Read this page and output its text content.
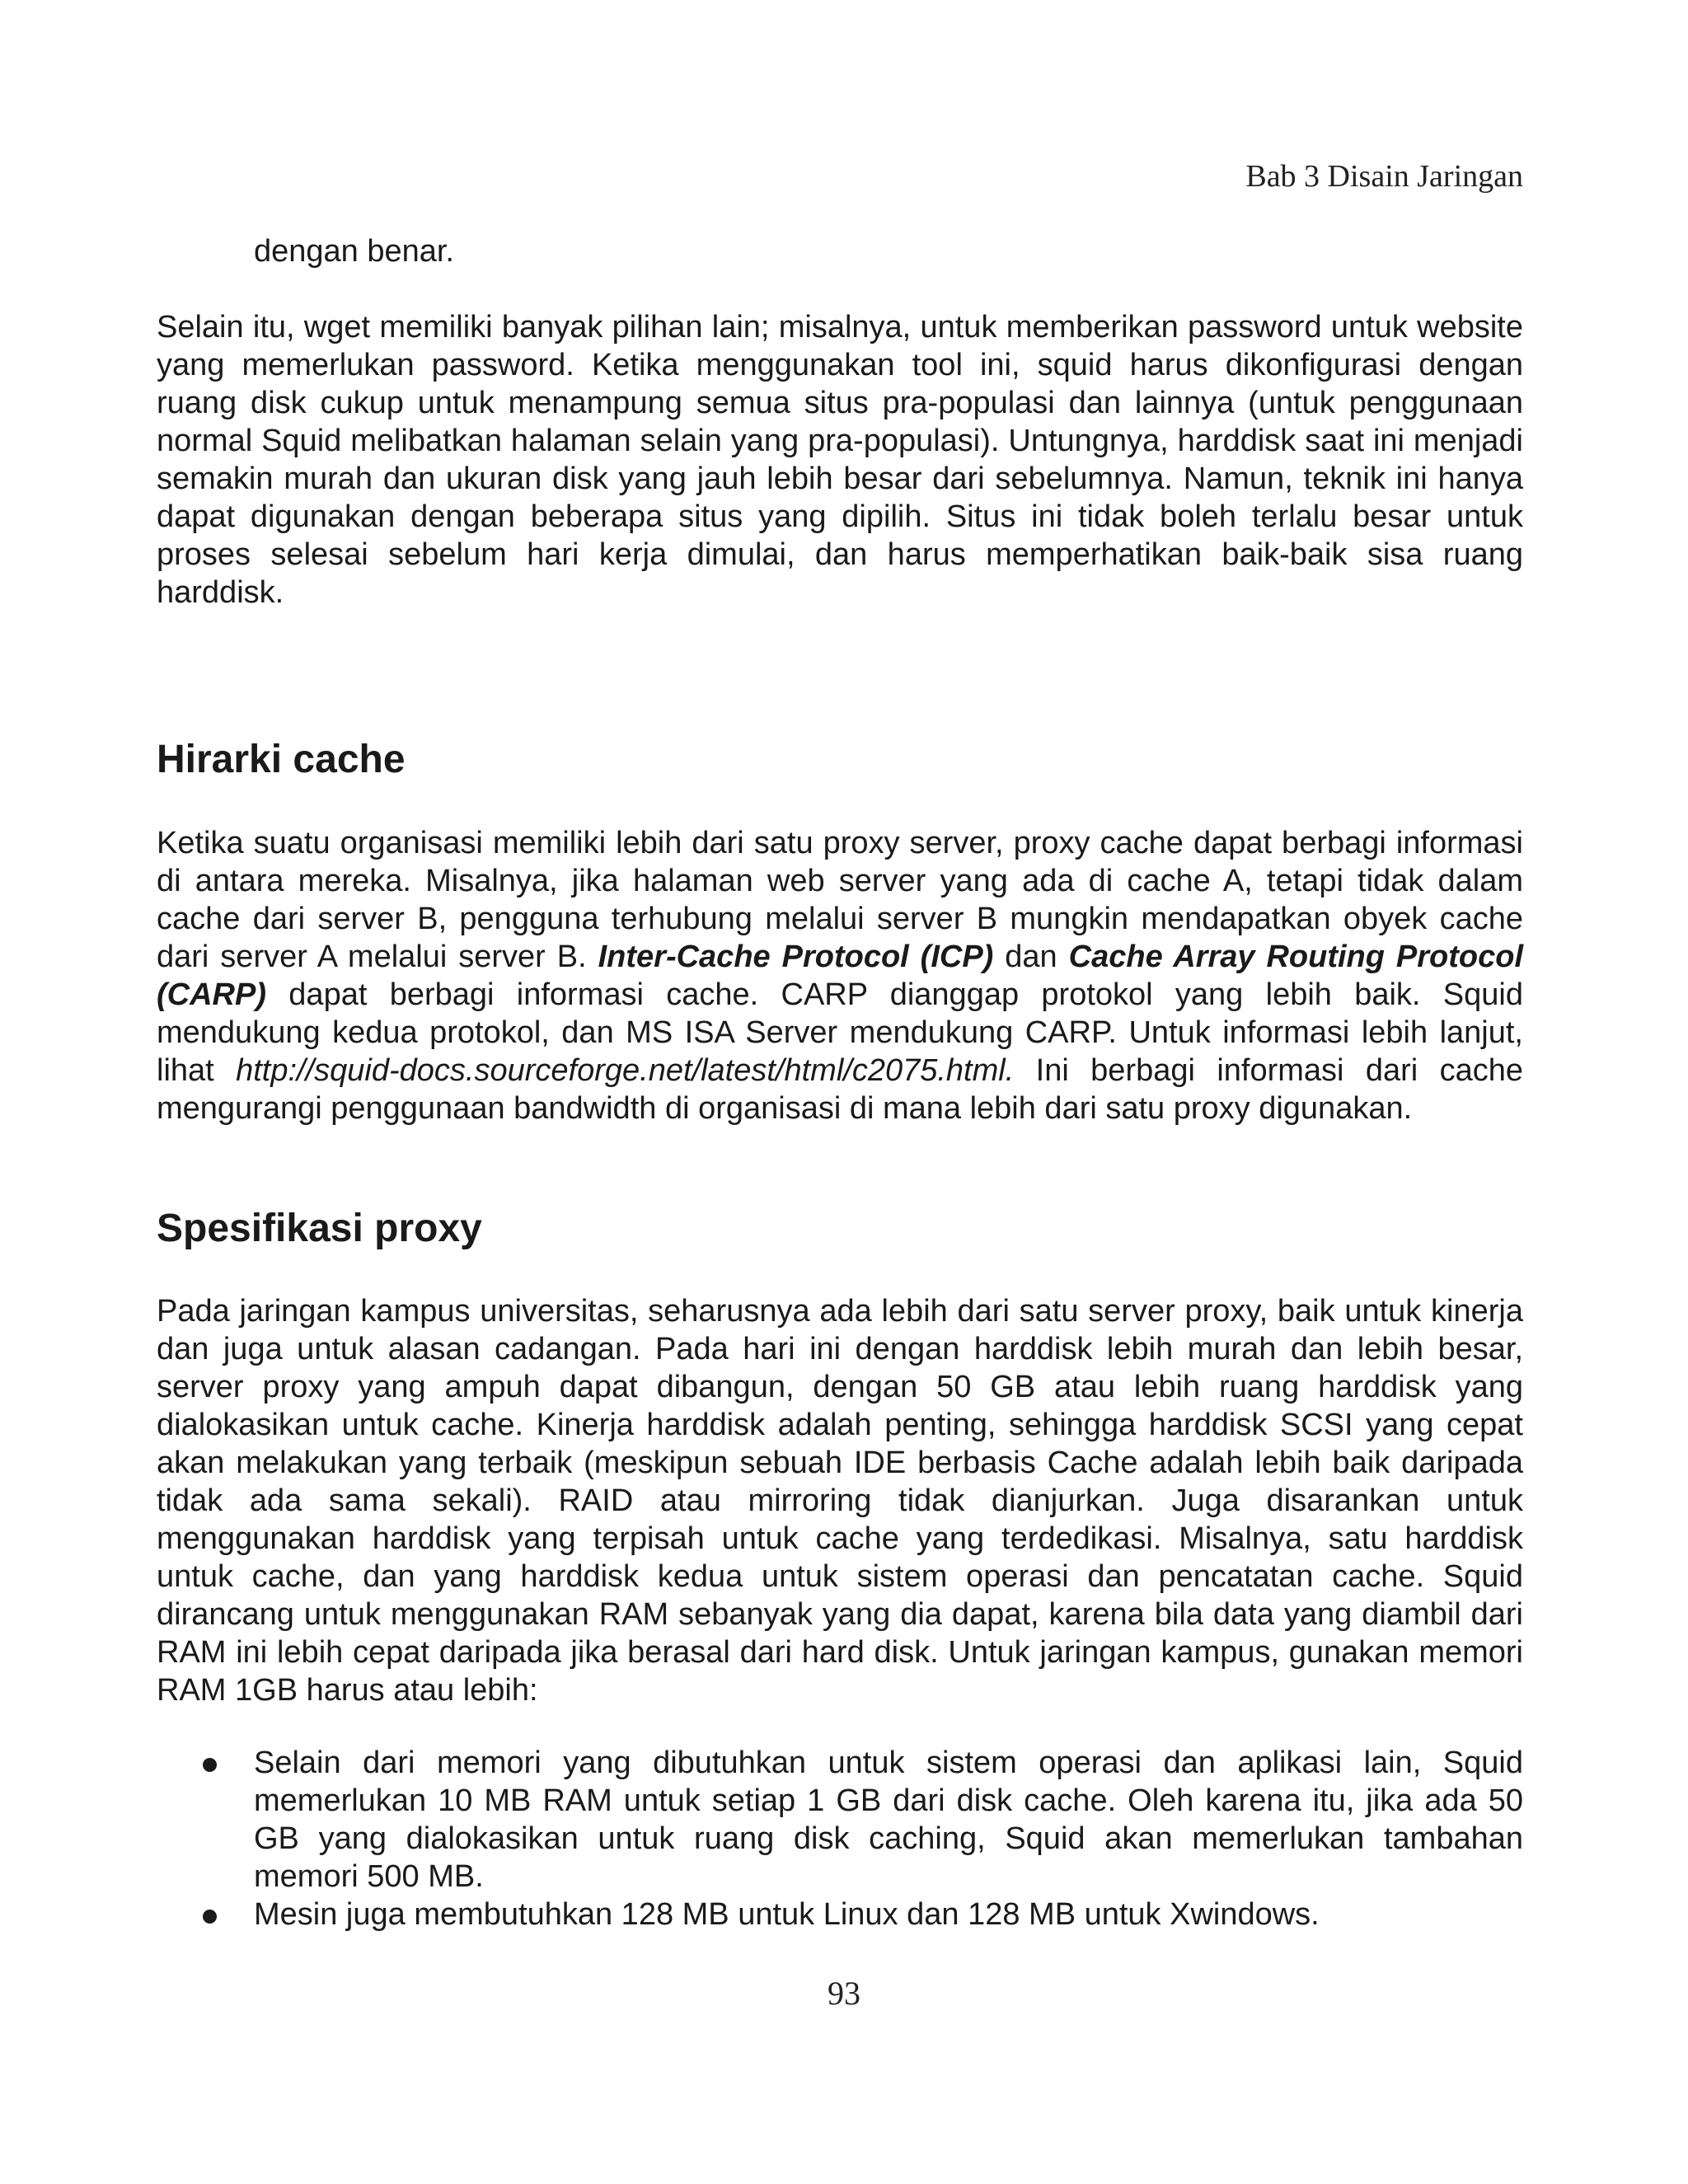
Bab 3 Disain Jaringan

dengan benar.

Selain itu, wget memiliki banyak pilihan lain; misalnya, untuk memberikan password untuk website yang memerlukan password. Ketika menggunakan tool ini, squid harus dikonfigurasi dengan ruang disk cukup untuk menampung semua situs pra-populasi dan lainnya (untuk penggunaan normal Squid melibatkan halaman selain yang pra-populasi). Untungnya, harddisk saat ini menjadi semakin murah dan ukuran disk yang jauh lebih besar dari sebelumnya. Namun, teknik ini hanya dapat digunakan dengan beberapa situs yang dipilih. Situs ini tidak boleh terlalu besar untuk proses selesai sebelum hari kerja dimulai, dan harus memperhatikan baik-baik sisa ruang harddisk.

Hirarki cache

Ketika suatu organisasi memiliki lebih dari satu proxy server, proxy cache dapat berbagi informasi di antara mereka. Misalnya, jika halaman web server yang ada di cache A, tetapi tidak dalam cache dari server B, pengguna terhubung melalui server B mungkin mendapatkan obyek cache dari server A melalui server B. Inter-Cache Protocol (ICP) dan Cache Array Routing Protocol (CARP) dapat berbagi informasi cache. CARP dianggap protokol yang lebih baik. Squid mendukung kedua protokol, dan MS ISA Server mendukung CARP. Untuk informasi lebih lanjut, lihat http://squid-docs.sourceforge.net/latest/html/c2075.html. Ini berbagi informasi dari cache mengurangi penggunaan bandwidth di organisasi di mana lebih dari satu proxy digunakan.

Spesifikasi proxy

Pada jaringan kampus universitas, seharusnya ada lebih dari satu server proxy, baik untuk kinerja dan juga untuk alasan cadangan. Pada hari ini dengan harddisk lebih murah dan lebih besar, server proxy yang ampuh dapat dibangun, dengan 50 GB atau lebih ruang harddisk yang dialokasikan untuk cache. Kinerja harddisk adalah penting, sehingga harddisk SCSI yang cepat akan melakukan yang terbaik (meskipun sebuah IDE berbasis Cache adalah lebih baik daripada tidak ada sama sekali). RAID atau mirroring tidak dianjurkan. Juga disarankan untuk menggunakan harddisk yang terpisah untuk cache yang terdedikasi. Misalnya, satu harddisk untuk cache, dan yang harddisk kedua untuk sistem operasi dan pencatatan cache. Squid dirancang untuk menggunakan RAM sebanyak yang dia dapat, karena bila data yang diambil dari RAM ini lebih cepat daripada jika berasal dari hard disk. Untuk jaringan kampus, gunakan memori RAM 1GB harus atau lebih:

Selain dari memori yang dibutuhkan untuk sistem operasi dan aplikasi lain, Squid memerlukan 10 MB RAM untuk setiap 1 GB dari disk cache. Oleh karena itu, jika ada 50 GB yang dialokasikan untuk ruang disk caching, Squid akan memerlukan tambahan memori 500 MB.
Mesin juga membutuhkan 128 MB untuk Linux dan 128 MB untuk Xwindows.
93
